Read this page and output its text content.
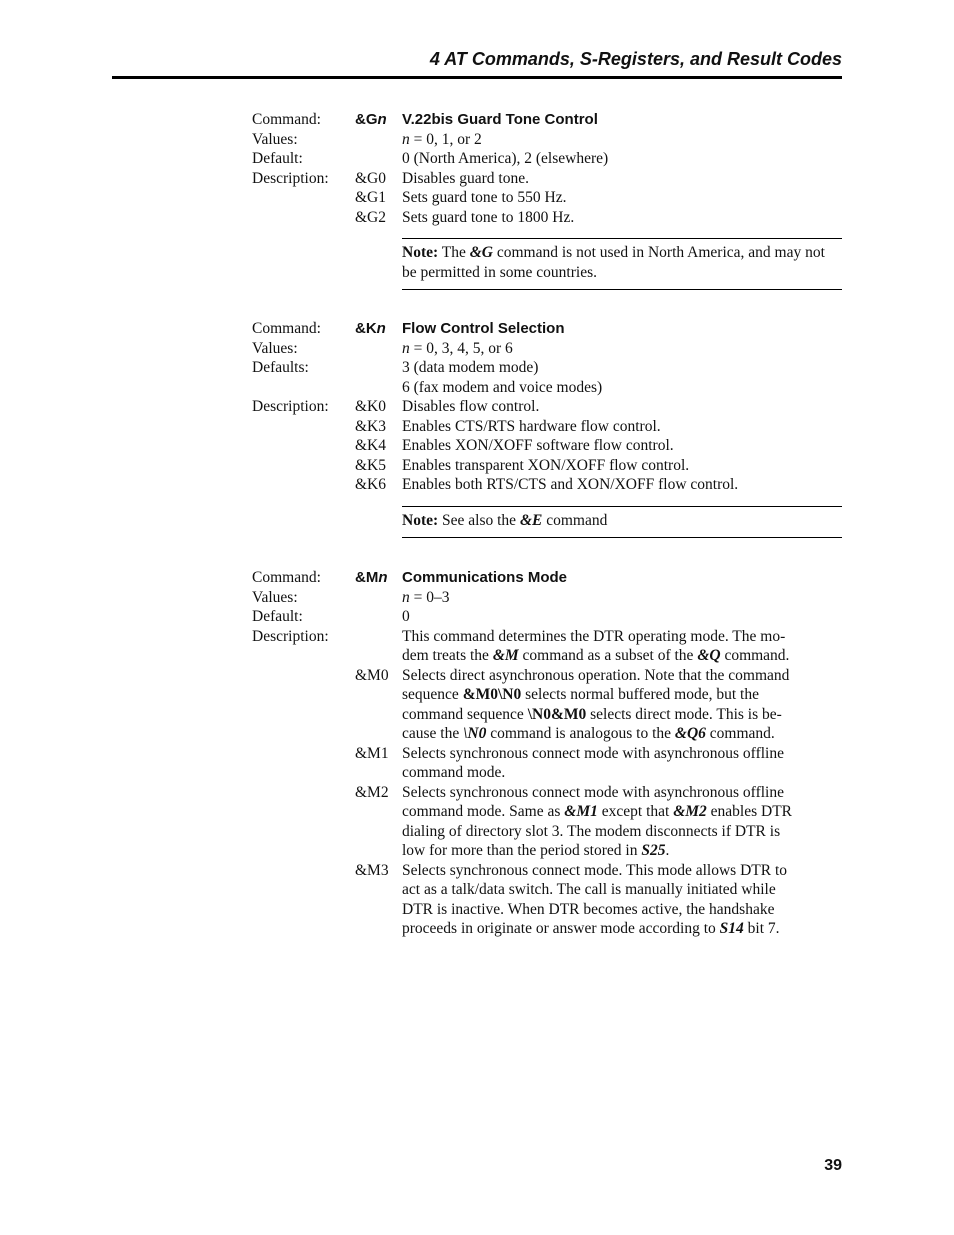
4 AT Commands, S-Registers, and Result Codes
Command:	&Gn	V.22bis Guard Tone Control
Values:	n = 0, 1, or 2
Default:	0 (North America), 2 (elsewhere)
Description:	&G0	Disables guard tone.
&G1	Sets guard tone to 550 Hz.
&G2	Sets guard tone to 1800 Hz.
Note: The &G command is not used in North America, and may not be permitted in some countries.
Command:	&Kn	Flow Control Selection
Values:	n = 0, 3, 4, 5, or 6
Defaults:	3 (data modem mode)
6 (fax modem and voice modes)
Description:	&K0	Disables flow control.
&K3	Enables CTS/RTS hardware flow control.
&K4	Enables XON/XOFF software flow control.
&K5	Enables transparent XON/XOFF flow control.
&K6	Enables both RTS/CTS and XON/XOFF flow control.
Note: See also the &E command
Command:	&Mn Communications Mode
Values:	n = 0–3
Default:	0
Description:	This command determines the DTR operating mode. The mo-
dem treats the &M command as a subset of the &Q command.
&M0 Selects direct asynchronous operation. Note that the command
sequence &M0\N0 selects normal buffered mode, but the
command sequence \N0&M0 selects direct mode. This is be-
cause the \N0 command is analogous to the &Q6 command.
&M1 Selects synchronous connect mode with asynchronous offline
command mode.
&M2 Selects synchronous connect mode with asynchronous offline
command mode. Same as &M1 except that &M2 enables DTR
dialing of directory slot 3. The modem disconnects if DTR is
low for more than the period stored in S25.
&M3 Selects synchronous connect mode. This mode allows DTR to
act as a talk/data switch. The call is manually initiated while
DTR is inactive. When DTR becomes active, the handshake
proceeds in originate or answer mode according to S14 bit 7.
39
